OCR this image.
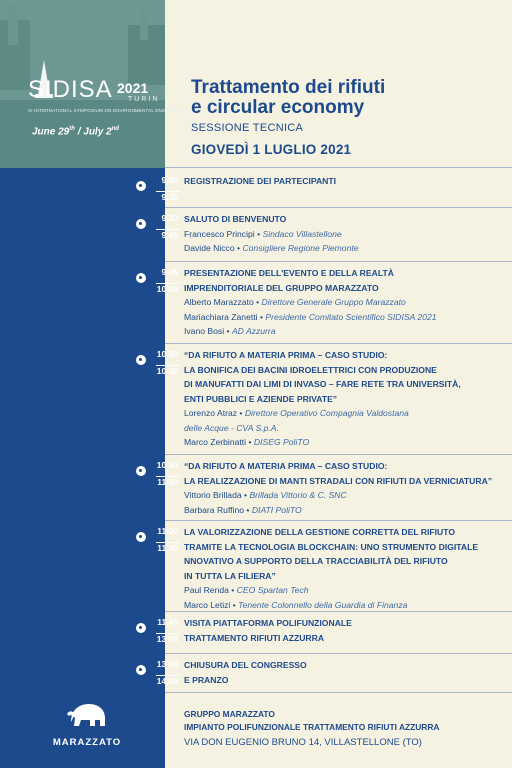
SIDISA 2021
TURIN
XI INTERNATIONAL SYMPOSIUM ON ENVIRONMENTAL ENGINEERING
June 29th / July 2nd
Trattamento dei rifiuti
e circular economy
SESSIONE TECNICA
GIOVEDÌ 1 LUGLIO 2021
9.00
9.30
REGISTRAZIONE DEI PARTECIPANTI
9.30
9.45
SALUTO DI BENVENUTO
Francesco Principi • Sindaco Villastellone
Davide Nicco • Consigliere Regione Piemonte
9.45
10.00
PRESENTAZIONE DELL'EVENTO E DELLA REALTÀ
IMPRENDITORIALE DEL GRUPPO MARAZZATO
Alberto Marazzato • Direttore Generale Gruppo Marazzato
Mariachiara Zanetti • Presidente Comitato Scientifico SIDISA 2021
Ivano Bosi • AD Azzurra
10.00
10.30
“DA RIFIUTO A MATERIA PRIMA – CASO STUDIO:
LA BONIFICA DEI BACINI IDROELETTRICI CON PRODUZIONE
DI MANUFATTI DAI LIMI DI INVASO – FARE RETE TRA UNIVERSITÀ,
ENTI PUBBLICI E AZIENDE PRIVATE”
Lorenzo Atraz • Direttore Operativo Compagnia Valdostana
delle Acque - CVA S.p.A.
Marco Zerbinatti • DISEG PoliTO
10.30
11.00
“DA RIFIUTO A MATERIA PRIMA – CASO STUDIO:
LA REALIZZAZIONE DI MANTI STRADALI CON RIFIUTI DA VERNICIATURA”
Vittorio Brillada • Brillada Vittorio & C. SNC
Barbara Ruffino • DIATI PoliTO
11.00
11.30
LA VALORIZZAZIONE DELLA GESTIONE CORRETTA DEL RIFIUTO
TRAMITE LA TECNOLOGIA BLOCKCHAIN: UNO STRUMENTO DIGITALE
NNOVATIVO A SUPPORTO DELLA TRACCIABILITÀ DEL RIFIUTO
IN TUTTA LA FILIERA”
Paul Renda • CEO Spartan Tech
Marco Letizi • Tenente Colonnello della Guardia di Finanza
11.45
13.00
VISITA PIATTAFORMA POLIFUNZIONALE
TRATTAMENTO RIFIUTI AZZURRA
13.00
14.00
CHIUSURA DEL CONGRESSO
E PRANZO
MARAZZATO
GRUPPO MARAZZATO
IMPIANTO POLIFUNZIONALE TRATTAMENTO RIFIUTI AZZURRA
VIA DON EUGENIO BRUNO 14, VILLASTELLONE (TO)
